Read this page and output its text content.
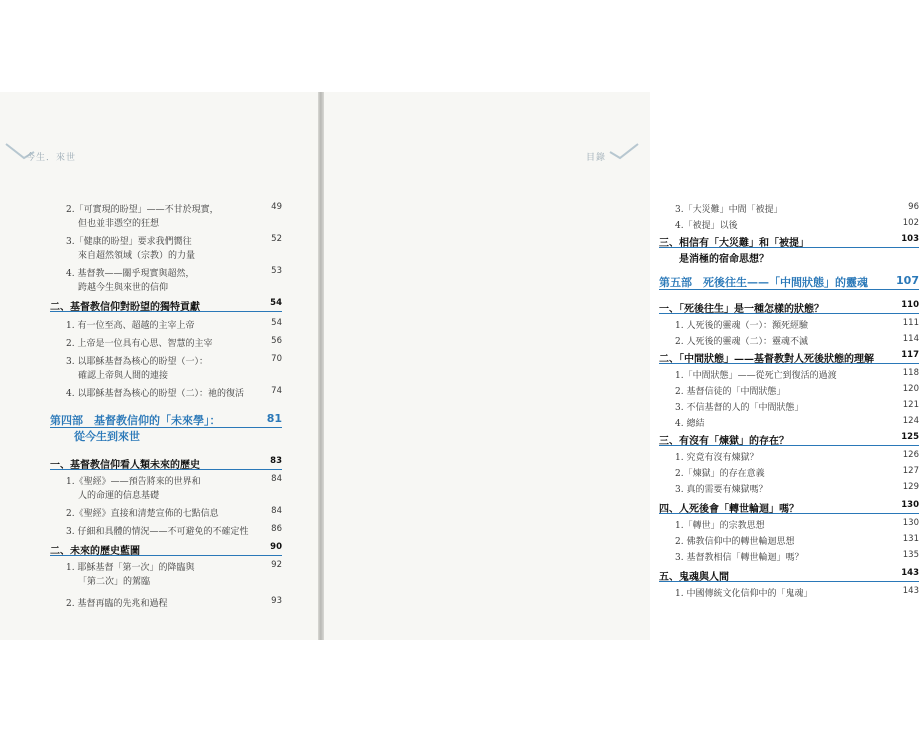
今生．來世
2.「可實現的盼望」——不甘於現實，	49
但也並非憑空的狂想
3.「健康的盼望」要求我們嚮往	52
來自超然領域（宗教）的力量
4. 基督教——關乎現實與超然，	53
跨越今生與來世的信仰
二、基督教信仰對盼望的獨特貢獻	54
1. 有一位至高、超越的主宰上帝	54
2. 上帝是一位具有心思、智慧的主宰	56
3. 以耶穌基督為核心的盼望（一）：	70
確認上帝與人間的連接
4. 以耶穌基督為核心的盼望（二）：祂的復活	74
第四部　基督教信仰的「未來學」：	81
從今生到來世
一、基督教信仰看人類未來的歷史	83
1.《聖經》——預告將來的世界和	84
人的命運的信息基礎
2.《聖經》直接和清楚宣佈的七點信息	84
3. 仔細和具體的情況——不可避免的不確定性	86
二、未來的歷史藍圖	90
1. 耶穌基督「第一次」的降臨與	92
「第二次」的駕臨
2. 基督再臨的先兆和過程	93
目錄
3.「大災難」中間「被提」	96
4.「被提」以後	102
三、相信有「大災難」和「被提」	103
是消極的宿命思想？
第五部　死後往生——「中間狀態」的靈魂	107
一、「死後往生」是一種怎樣的狀態？	110
1. 人死後的靈魂（一）：瀕死經驗	111
2. 人死後的靈魂（二）：靈魂不滅	114
二、「中間狀態」——基督教對人死後狀態的理解	117
1.「中間狀態」——從死亡到復活的過渡	118
2. 基督信徒的「中間狀態」	120
3. 不信基督的人的「中間狀態」	121
4. 總結	124
三、有沒有「煉獄」的存在？	125
1. 究竟有沒有煉獄？	126
2.「煉獄」的存在意義	127
3. 真的需要有煉獄嗎？	129
四、人死後會「轉世輪迴」嗎？	130
1.「轉世」的宗教思想	130
2. 佛教信仰中的轉世輪迴思想	131
3. 基督教相信「轉世輪迴」嗎？	135
五、鬼魂與人間	143
1. 中國傳統文化信仰中的「鬼魂」	143
